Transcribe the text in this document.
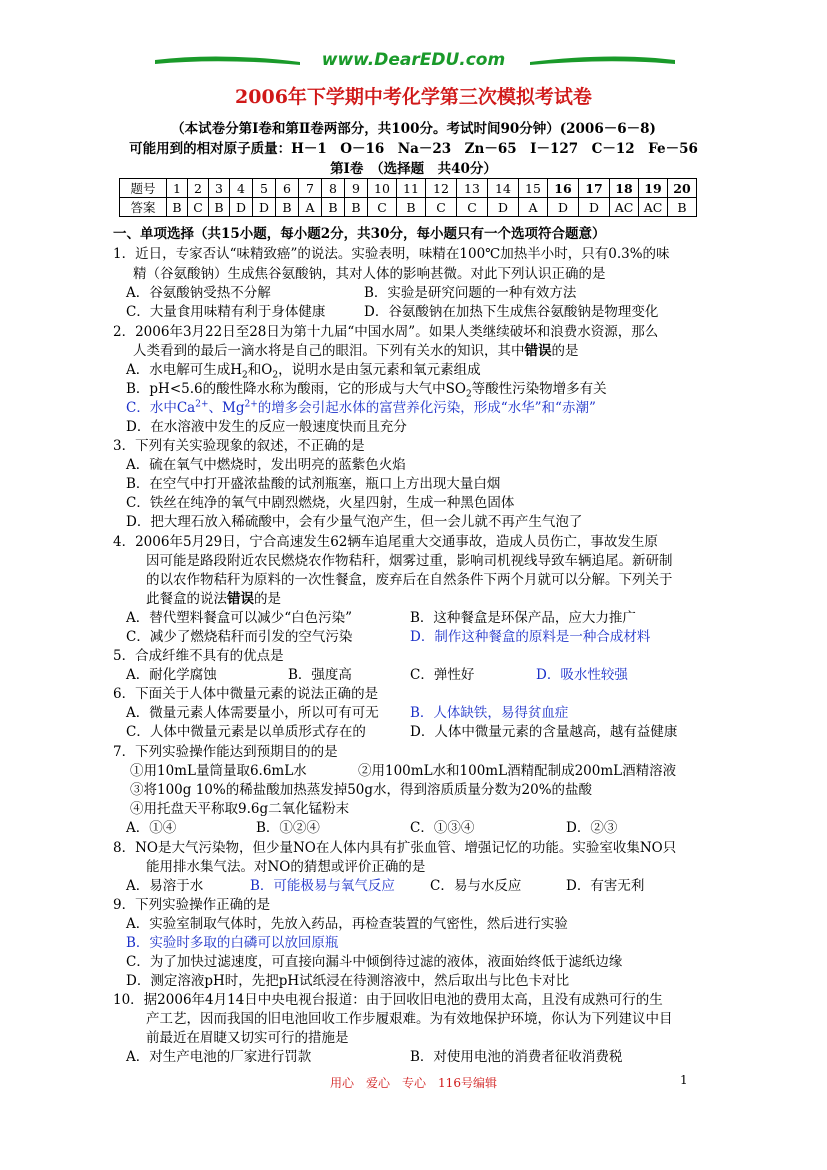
www.DearEDU.com
2006年下学期中考化学第三次模拟考试卷
（本试卷分第Ⅰ卷和第Ⅱ卷两部分，共100分。考试时间90分钟）(2006－6－8)
可能用到的相对原子质量：H－1　O－16　Na－23　Zn－65　I－127　C－12　Fe－56
第Ⅰ卷　（选择题　共40分）
题号	1	2	3	4	5	6	7	8	9	10	11	12	13	14	15	16	17	18	19	20
答案	B	C	B	D	D	B	A	B	B	C	B	C	C	D	A	D	D	AC	AC	B
一、单项选择（共15小题，每小题2分，共30分，每小题只有一个选项符合题意）
1．近日，专家否认“味精致癌”的说法。实验表明，味精在100℃加热半小时，只有0.3%的味
精（谷氨酸钠）生成焦谷氨酸钠，其对人体的影响甚微。对此下列认识正确的是
A．谷氨酸钠受热不分解	B．实验是研究问题的一种有效方法
C．大量食用味精有利于身体健康	D．谷氨酸钠在加热下生成焦谷氨酸钠是物理变化
2．2006年3月22日至28日为第十九届“中国水周”。如果人类继续破坏和浪费水资源，那么
人类看到的最后一滴水将是自己的眼泪。下列有关水的知识，其中错误的是
A．水电解可生成$H_2$和$O_2$，说明水是由氢元素和氧元素组成
B．pH<5.6的酸性降水称为酸雨，它的形成与大气中$SO_2$等酸性污染物增多有关
C．水中$Ca^{2+}$、$Mg^{2+}$的增多会引起水体的富营养化污染，形成“水华”和“赤潮”
D．在水溶液中发生的反应一般速度快而且充分
3．下列有关实验现象的叙述，不正确的是
A．硫在氧气中燃烧时，发出明亮的蓝紫色火焰
B．在空气中打开盛浓盐酸的试剂瓶塞，瓶口上方出现大量白烟
C．铁丝在纯净的氧气中剧烈燃烧，火星四射，生成一种黑色固体
D．把大理石放入稀硫酸中，会有少量气泡产生，但一会儿就不再产生气泡了
4．2006年5月29日，宁合高速发生62辆车追尾重大交通事故，造成人员伤亡，事故发生原
因可能是路段附近农民燃烧农作物秸秆，烟雾过重，影响司机视线导致车辆追尾。新研制
的以农作物秸秆为原料的一次性餐盒，废弃后在自然条件下两个月就可以分解。下列关于
此餐盒的说法错误的是
A．替代塑料餐盒可以减少“白色污染”	B．这种餐盒是环保产品，应大力推广
C．减少了燃烧秸秆而引发的空气污染	D．制作这种餐盒的原料是一种合成材料
5．合成纤维不具有的优点是
A．耐化学腐蚀	B．强度高	C．弹性好	D．吸水性较强
6．下面关于人体中微量元素的说法正确的是
A．微量元素人体需要量小，所以可有可无 B．人体缺铁，易得贫血症
C．人体中微量元素是以单质形式存在的	D．人体中微量元素的含量越高，越有益健康
7．下列实验操作能达到预期目的的是
①用10mL量筒量取6.6mL水	②用100mL水和100mL酒精配制成200mL酒精溶液
③将100g 10%的稀盐酸加热蒸发掉50g水，得到溶质质量分数为20%的盐酸
④用托盘天平称取9.6g二氧化锰粉末
A．①④	B．①②④	C．①③④	D．②③
8．NO是大气污染物，但少量NO在人体内具有扩张血管、增强记忆的功能。实验室收集NO只
能用排水集气法。对NO的猜想或评价正确的是
A．易溶于水	B．可能极易与氧气反应	C．易与水反应	D．有害无利
9．下列实验操作正确的是
A．实验室制取气体时，先放入药品，再检查装置的气密性，然后进行实验
B．实验时多取的白磷可以放回原瓶
C．为了加快过滤速度，可直接向漏斗中倾倒待过滤的液体，液面始终低于滤纸边缘
D．测定溶液pH时，先把pH试纸浸在待测溶液中，然后取出与比色卡对比
10．据2006年4月14日中央电视台报道：由于回收旧电池的费用太高，且没有成熟可行的生
产工艺，因而我国的旧电池回收工作步履艰难。为有效地保护环境，你认为下列建议中目
前最近在眉睫又切实可行的措施是
A．对生产电池的厂家进行罚款	B．对使用电池的消费者征收消费税
用心　爱心　专心　116号编辑	1
